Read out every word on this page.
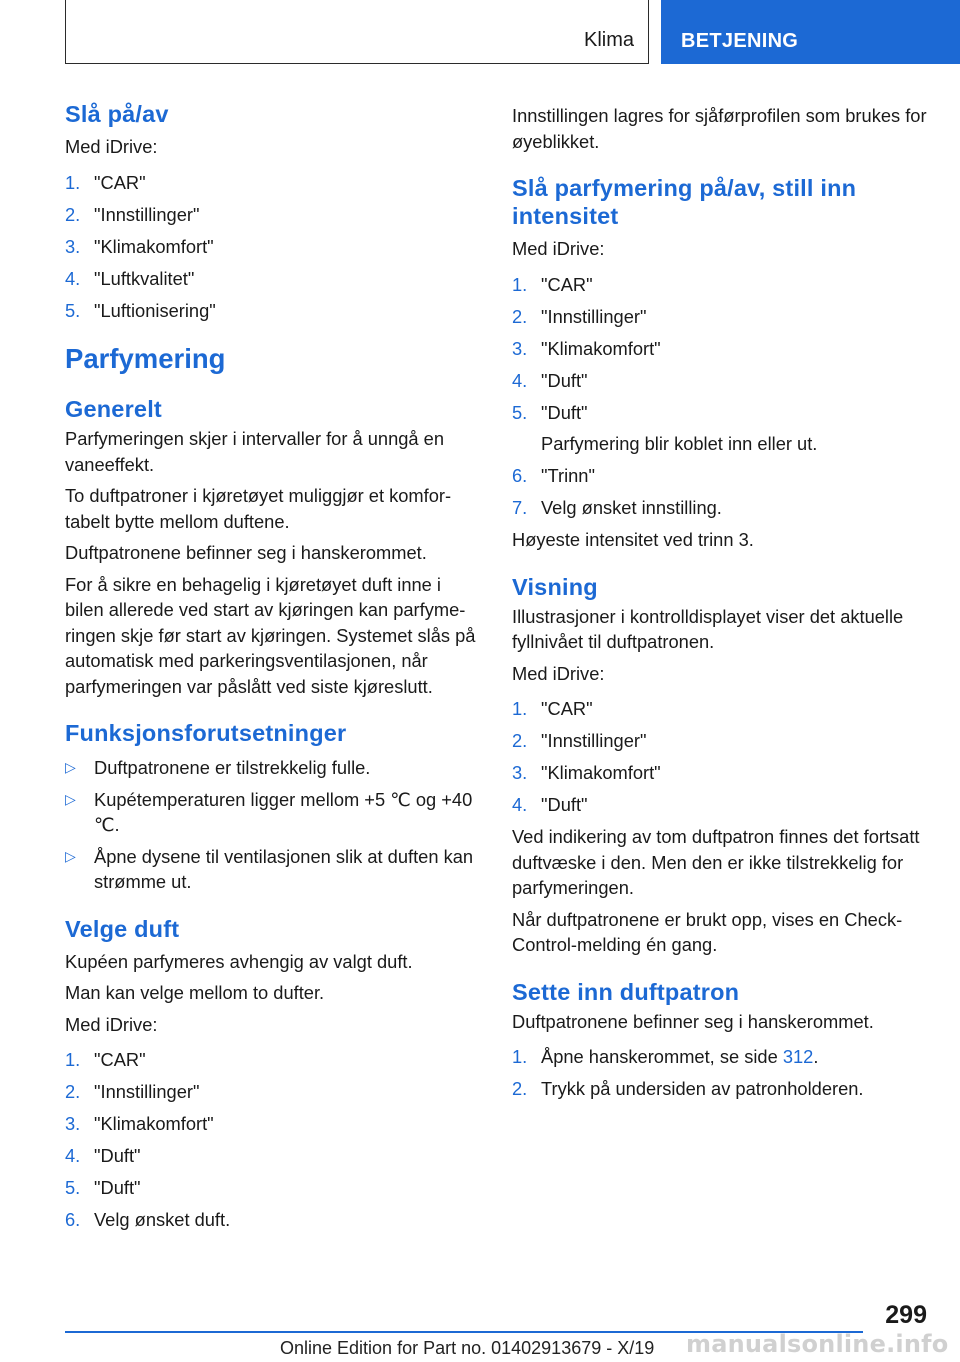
Klima BETJENING
Slå på/av

Med iDrive:

1. "CAR"
2. "Innstillinger"
3. "Klimakomfort"
4. "Luftkvalitet"
5. "Luftionisering"
Parfymering
Generelt

Parfymeringen skjer i intervaller for å unngå en vaneeffekt.

To duftpatroner i kjøretøyet muliggjør et komfortabelt bytte mellom duftene.

Duftpatronene befinner seg i hanskerommet.

For å sikre en behagelig i kjøretøyet duft inne i bilen allerede ved start av kjøringen kan parfymeringen skje før start av kjøringen. Systemet slås på automatisk med parkeringsventilasjonen, når parfymeringen var påslått ved siste kjøreslutt.

Funksjonsforutsetninger
▷ Duftpatronene er tilstrekkelig fulle.
▷ Kupétemperaturen ligger mellom +5 ℃ og +40 ℃.
▷ Åpne dysene til ventilasjonen slik at duften kan strømme ut.
Velge duft

Kupéen parfymeres avhengig av valgt duft.

Man kan velge mellom to dufter.

Med iDrive:

1. "CAR"
2. "Innstillinger"
3. "Klimakomfort"
4. "Duft"
5. "Duft"
6. Velg ønsket duft.

Innstillingen lagres for sjåførprofilen som brukes for øyeblikket.

Slå parfymering på/av, still inn intensitet

Med iDrive:

1. "CAR"
2. "Innstillinger"
3. "Klimakomfort"
4. "Duft"
5. "Duft"
Parfymering blir koblet inn eller ut.
6. "Trinn"
7. Velg ønsket innstilling.

Høyeste intensitet ved trinn 3.

Visning

Illustrasjoner i kontrolldisplayet viser det aktuelle fyllnivået til duftpatronen.

Med iDrive:

1. "CAR"
2. "Innstillinger"
3. "Klimakomfort"
4. "Duft"

Ved indikering av tom duftpatron finnes det fortsatt duftvæske i den. Men den er ikke tilstrekkelig for parfymeringen.

Når duftpatronene er brukt opp, vises en Check-Control-melding én gang.

Sette inn duftpatron

Duftpatronene befinner seg i hanskerommet.

1. Åpne hanskerommet, se side 312.
2. Trykk på undersiden av patronholderen.
299
Online Edition for Part no. 01402913679 - X/19 manualsonline.info
